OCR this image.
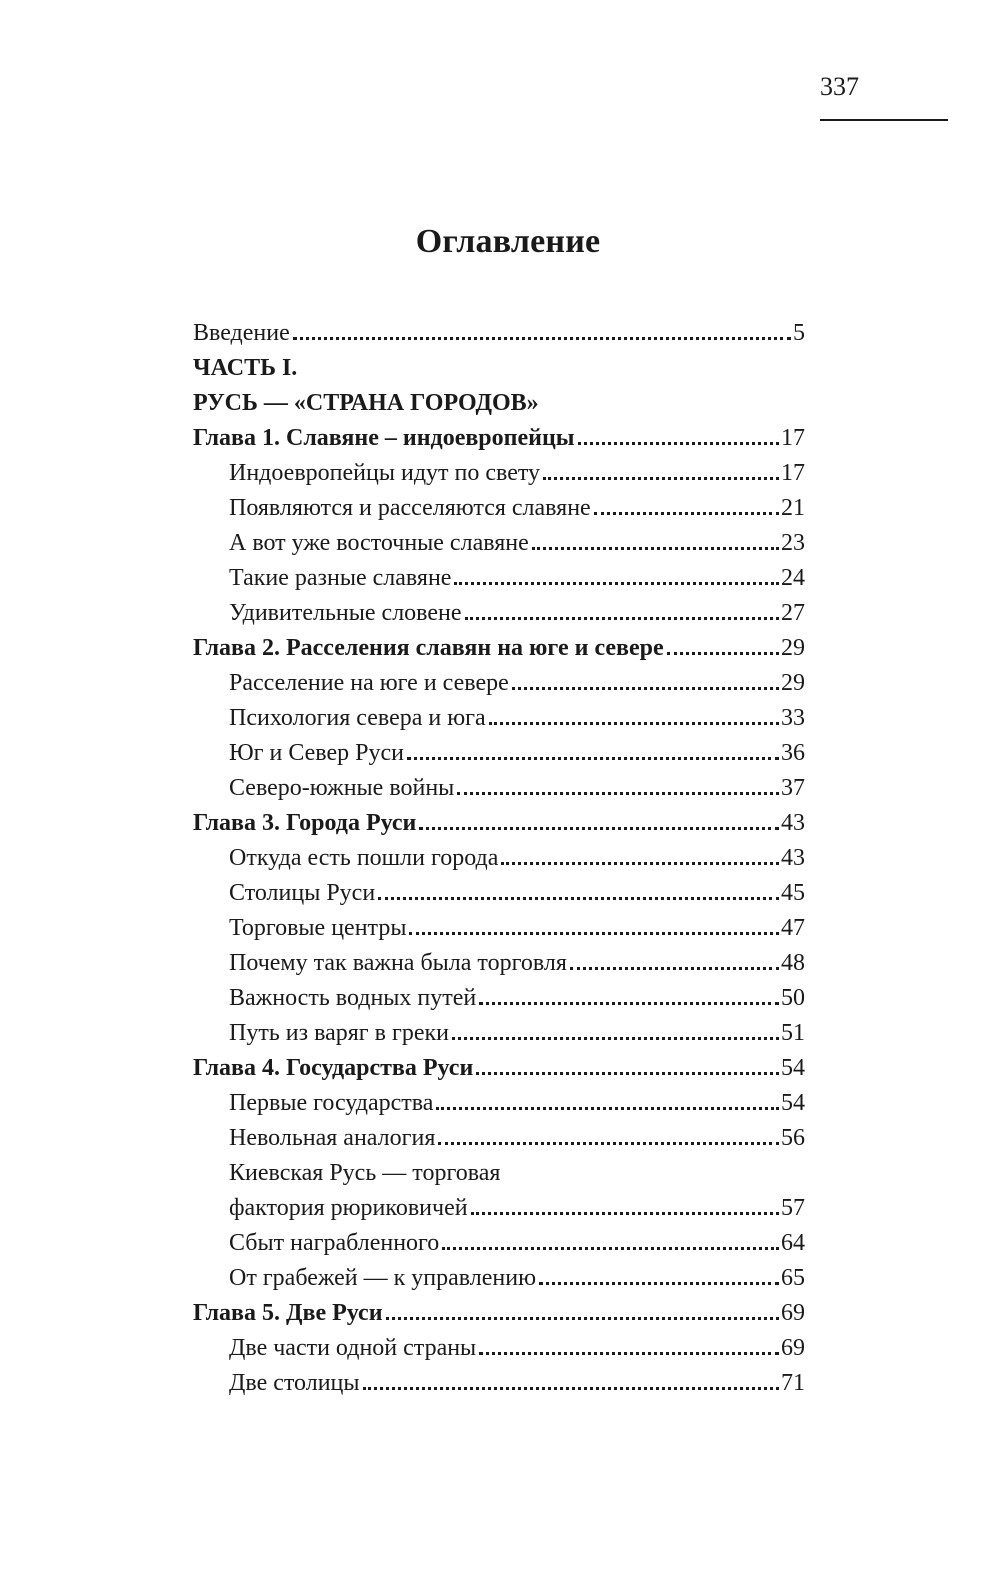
337
Оглавление
Введение	5
ЧАСТЬ I.
РУСЬ — «СТРАНА ГОРОДОВ»
Глава 1. Славяне – индоевропейцы	17
Индоевропейцы идут по свету	17
Появляются и расселяются славяне	21
А вот уже восточные славяне	23
Такие разные славяне	24
Удивительные словене	27
Глава 2. Расселения славян на юге и севере	29
Расселение на юге и севере	29
Психология севера и юга	33
Юг и Север Руси	36
Северо-южные войны	37
Глава 3. Города Руси	43
Откуда есть пошли города	43
Столицы Руси	45
Торговые центры	47
Почему так важна была торговля	48
Важность водных путей	50
Путь из варяг в греки	51
Глава 4. Государства Руси	54
Первые государства	54
Невольная аналогия	56
Киевская Русь — торговая
фактория рюриковичей	57
Сбыт награбленного	64
От грабежей — к управлению	65
Глава 5. Две Руси	69
Две части одной страны	69
Две столицы	71
